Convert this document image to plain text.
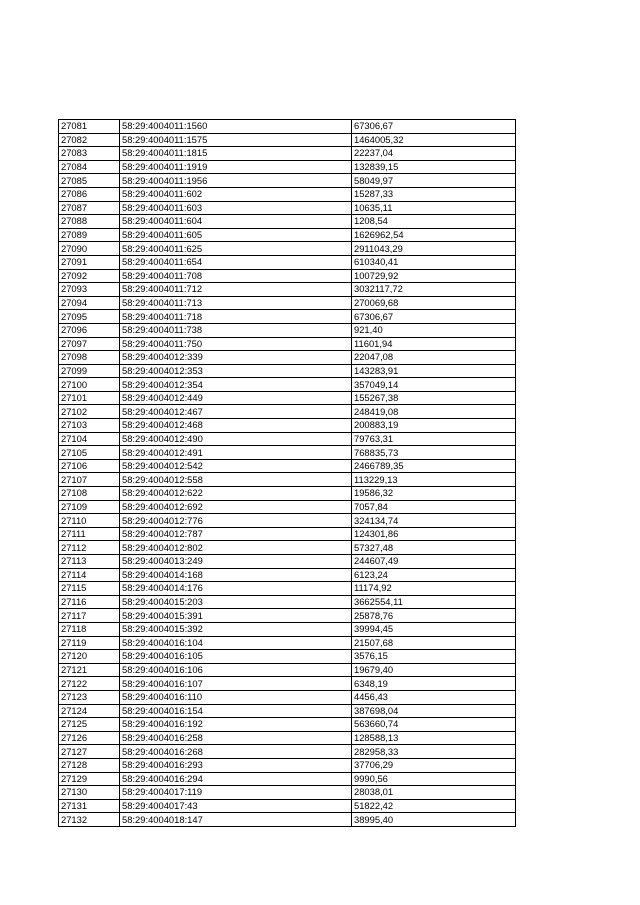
27081	58:29:4004011:1560	67306,67
27082	58:29:4004011:1575	1464005,32
27083	58:29:4004011:1815	22237,04
27084	58:29:4004011:1919	132839,15
27085	58:29:4004011:1956	58049,97
27086	58:29:4004011:602	15287,33
27087	58:29:4004011:603	10635,11
27088	58:29:4004011:604	1208,54
27089	58:29:4004011:605	1626962,54
27090	58:29:4004011:625	2911043,29
27091	58:29:4004011:654	610340,41
27092	58:29:4004011:708	100729,92
27093	58:29:4004011:712	3032117,72
27094	58:29:4004011:713	270069,68
27095	58:29:4004011:718	67306,67
27096	58:29:4004011:738	921,40
27097	58:29:4004011:750	11601,94
27098	58:29:4004012:339	22047,08
27099	58:29:4004012:353	143283,91
27100	58:29:4004012:354	357049,14
27101	58:29:4004012:449	155267,38
27102	58:29:4004012:467	248419,08
27103	58:29:4004012:468	200883,19
27104	58:29:4004012:490	79763,31
27105	58:29:4004012:491	768835,73
27106	58:29:4004012:542	2466789,35
27107	58:29:4004012:558	113229,13
27108	58:29:4004012:622	19586,32
27109	58:29:4004012:692	7057,84
27110	58:29:4004012:776	324134,74
27111	58:29:4004012:787	124301,86
27112	58:29:4004012:802	57327,48
27113	58:29:4004013:249	244607,49
27114	58:29:4004014:168	6123,24
27115	58:29:4004014:176	11174,92
27116	58:29:4004015:203	3662554,11
27117	58:29:4004015:391	25878,76
27118	58:29:4004015:392	39994,45
27119	58:29:4004016:104	21507,68
27120	58:29:4004016:105	3576,15
27121	58:29:4004016:106	19679,40
27122	58:29:4004016:107	6348,19
27123	58:29:4004016:110	4456,43
27124	58:29:4004016:154	387698,04
27125	58:29:4004016:192	563660,74
27126	58:29:4004016:258	128588,13
27127	58:29:4004016:268	282958,33
27128	58:29:4004016:293	37706,29
27129	58:29:4004016:294	9990,56
27130	58:29:4004017:119	28038,01
27131	58:29:4004017:43	51822,42
27132	58:29:4004018:147	38995,40
